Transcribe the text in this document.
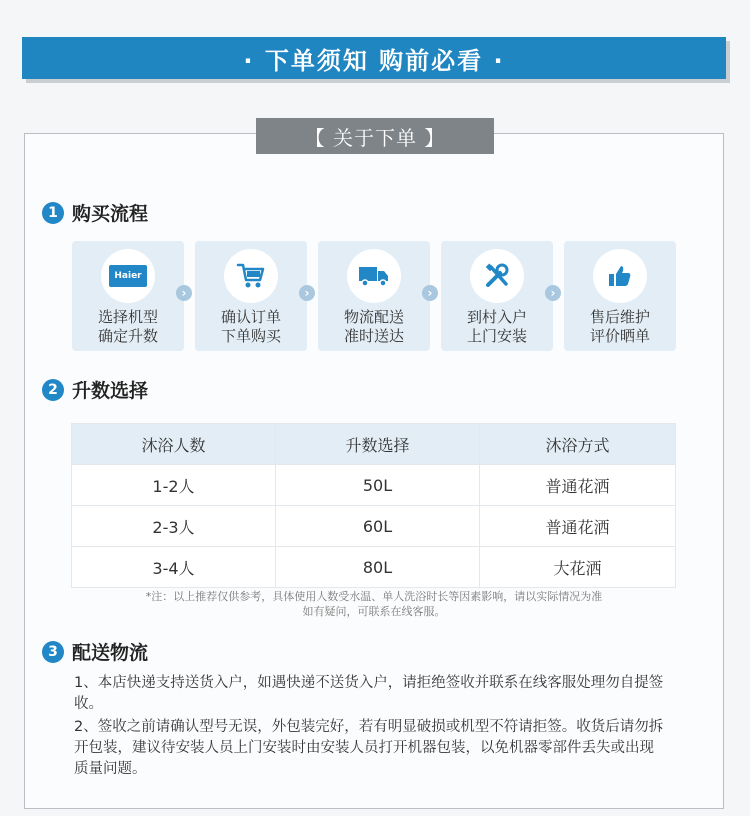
· 下单须知 购前必看 ·
【 关于下单 】
1 购买流程
Haier
选择机型
确定升数
›
确认订单
下单购买
›
物流配送
准时送达
›
到村入户
上门安装
›
售后维护
评价晒单
2 升数选择
沐浴人数	升数选择	沐浴方式
1-2人	50L	普通花洒
2-3人	60L	普通花洒
3-4人	80L	大花洒
*注：以上推荐仅供参考，具体使用人数受水温、单人洗浴时长等因素影响，请以实际情况为准
如有疑问，可联系在线客服。
3 配送物流
1、本店快递支持送货入户，如遇快递不送货入户，请拒绝签收并联系在线客服处理勿自提签收。
2、签收之前请确认型号无误，外包装完好，若有明显破损或机型不符请拒签。收货后请勿拆开包装，建议待安装人员上门安装时由安装人员打开机器包装，以免机器零部件丢失或出现质量问题。
